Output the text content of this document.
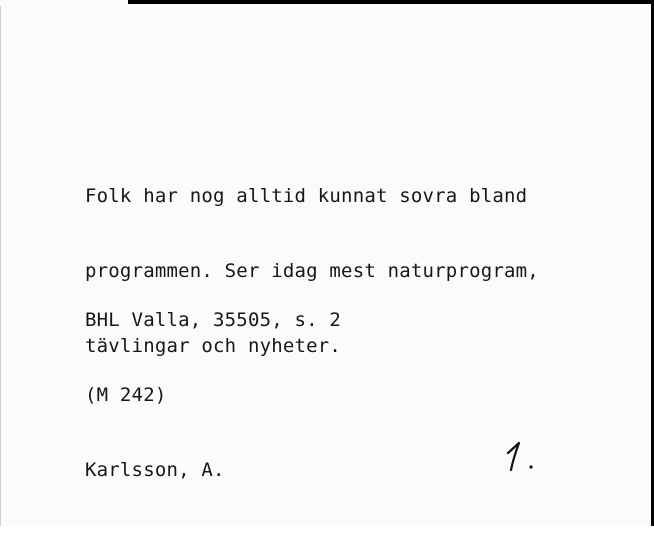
Folk har nog alltid kunnat sovra bland

programmen. Ser idag mest naturprogram,

tävlingar och nyheter.

BHL Valla, 35505, s. 2

(M 242)

Karlsson, A.
